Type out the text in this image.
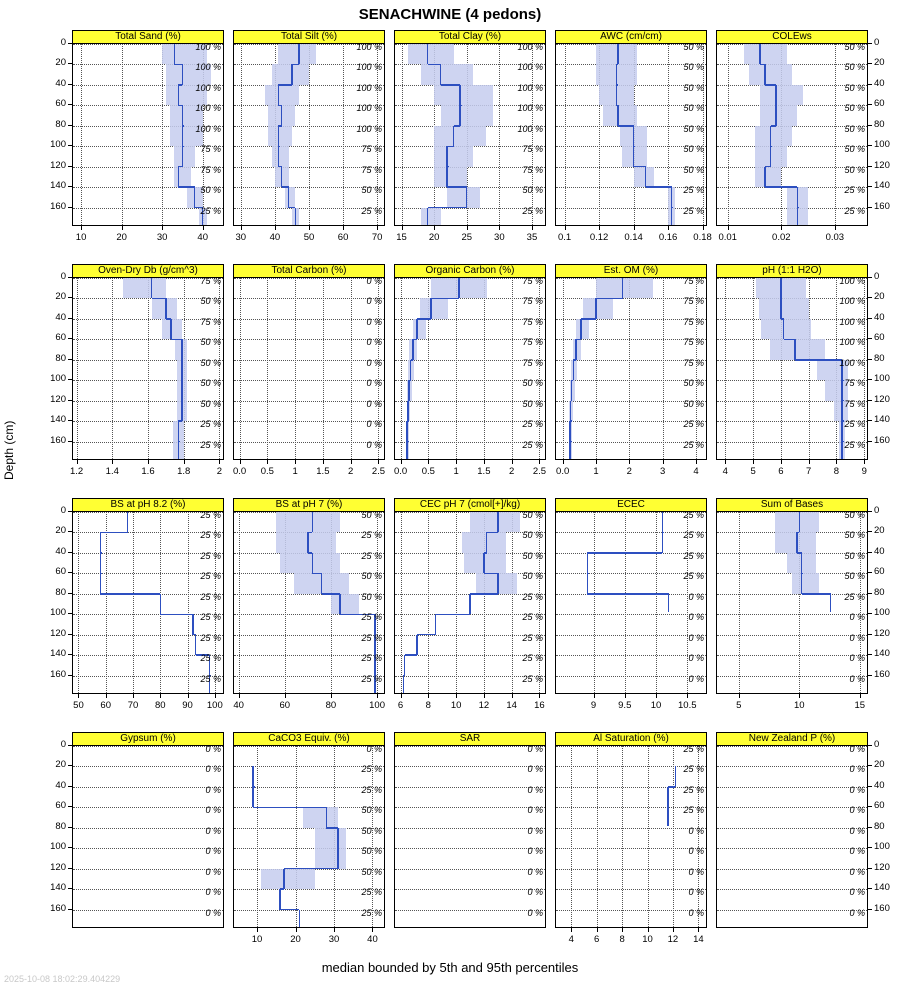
SENACHWINE (4 pedons)
Depth (cm)
median bounded by 5th and 95th percentiles
2025-10-08 18:02:29.404229
10	20	30	40
0
20
40
60
80
100
120
140
160
Total Sand (%)
100 %
100 %
100 %
100 %
100 %
75 %
75 %
50 %
25 %
30	40	50	60	70
Total Silt (%)
100 %
100 %
100 %
100 %
100 %
75 %
75 %
50 %
25 %
15	20	25	30	35
Total Clay (%)
100 %
100 %
100 %
100 %
100 %
75 %
75 %
50 %
25 %
0.1	0.12	0.14	0.16	0.18
AWC (cm/cm)
50 %
50 %
50 %
50 %
50 %
50 %
50 %
25 %
25 %
0.01	0.02	0.03
0
20
40
60
80
100
120
140
160
COLEws
50 %
50 %
50 %
50 %
50 %
50 %
50 %
25 %
25 %
1.2	1.4	1.6	1.8	2
0
20
40
60
80
100
120
140
160
Oven-Dry Db (g/cm^3)
75 %
50 %
75 %
50 %
50 %
50 %
50 %
25 %
25 %
0.0	0.5	1	1.5	2	2.5
Total Carbon (%)
0 %
0 %
0 %
0 %
0 %
0 %
0 %
0 %
0 %
0.0	0.5	1	1.5	2	2.5
Organic Carbon (%)
75 %
75 %
75 %
75 %
75 %
50 %
50 %
25 %
25 %
0.0	1	2	3	4
Est. OM (%)
75 %
75 %
75 %
75 %
75 %
50 %
50 %
25 %
25 %
4	5	6	7	8	9
0
20
40
60
80
100
120
140
160
pH (1:1 H2O)
100 %
100 %
100 %
100 %
100 %
75 %
75 %
25 %
25 %
50	60	70	80	90	100
0
20
40
60
80
100
120
140
160
BS at pH 8.2 (%)
25 %
25 %
25 %
25 %
25 %
25 %
25 %
25 %
25 %
40	60	80	100
BS at pH 7 (%)
50 %
25 %
25 %
50 %
50 %
25 %
25 %
25 %
25 %
6	8	10	12	14	16
CEC pH 7 (cmol[+]/kg)
50 %
50 %
50 %
50 %
25 %
25 %
25 %
25 %
25 %
9	9.5	10	10.5
ECEC
25 %
25 %
25 %
25 %
0 %
0 %
0 %
0 %
0 %
5	10	15
0
20
40
60
80
100
120
140
160
Sum of Bases
50 %
50 %
50 %
50 %
25 %
0 %
0 %
0 %
0 %
0
20
40
60
80
100
120
140
160
Gypsum (%)
0 %
0 %
0 %
0 %
0 %
0 %
0 %
0 %
0 %
10	20	30	40
CaCO3 Equiv. (%)
0 %
25 %
25 %
50 %
50 %
50 %
50 %
25 %
25 %
SAR
0 %
0 %
0 %
0 %
0 %
0 %
0 %
0 %
0 %
4	6	8	10	12	14
Al Saturation (%)
25 %
25 %
25 %
25 %
0 %
0 %
0 %
0 %
0 %
0
20
40
60
80
100
120
140
160
New Zealand P (%)
0 %
0 %
0 %
0 %
0 %
0 %
0 %
0 %
0 %
